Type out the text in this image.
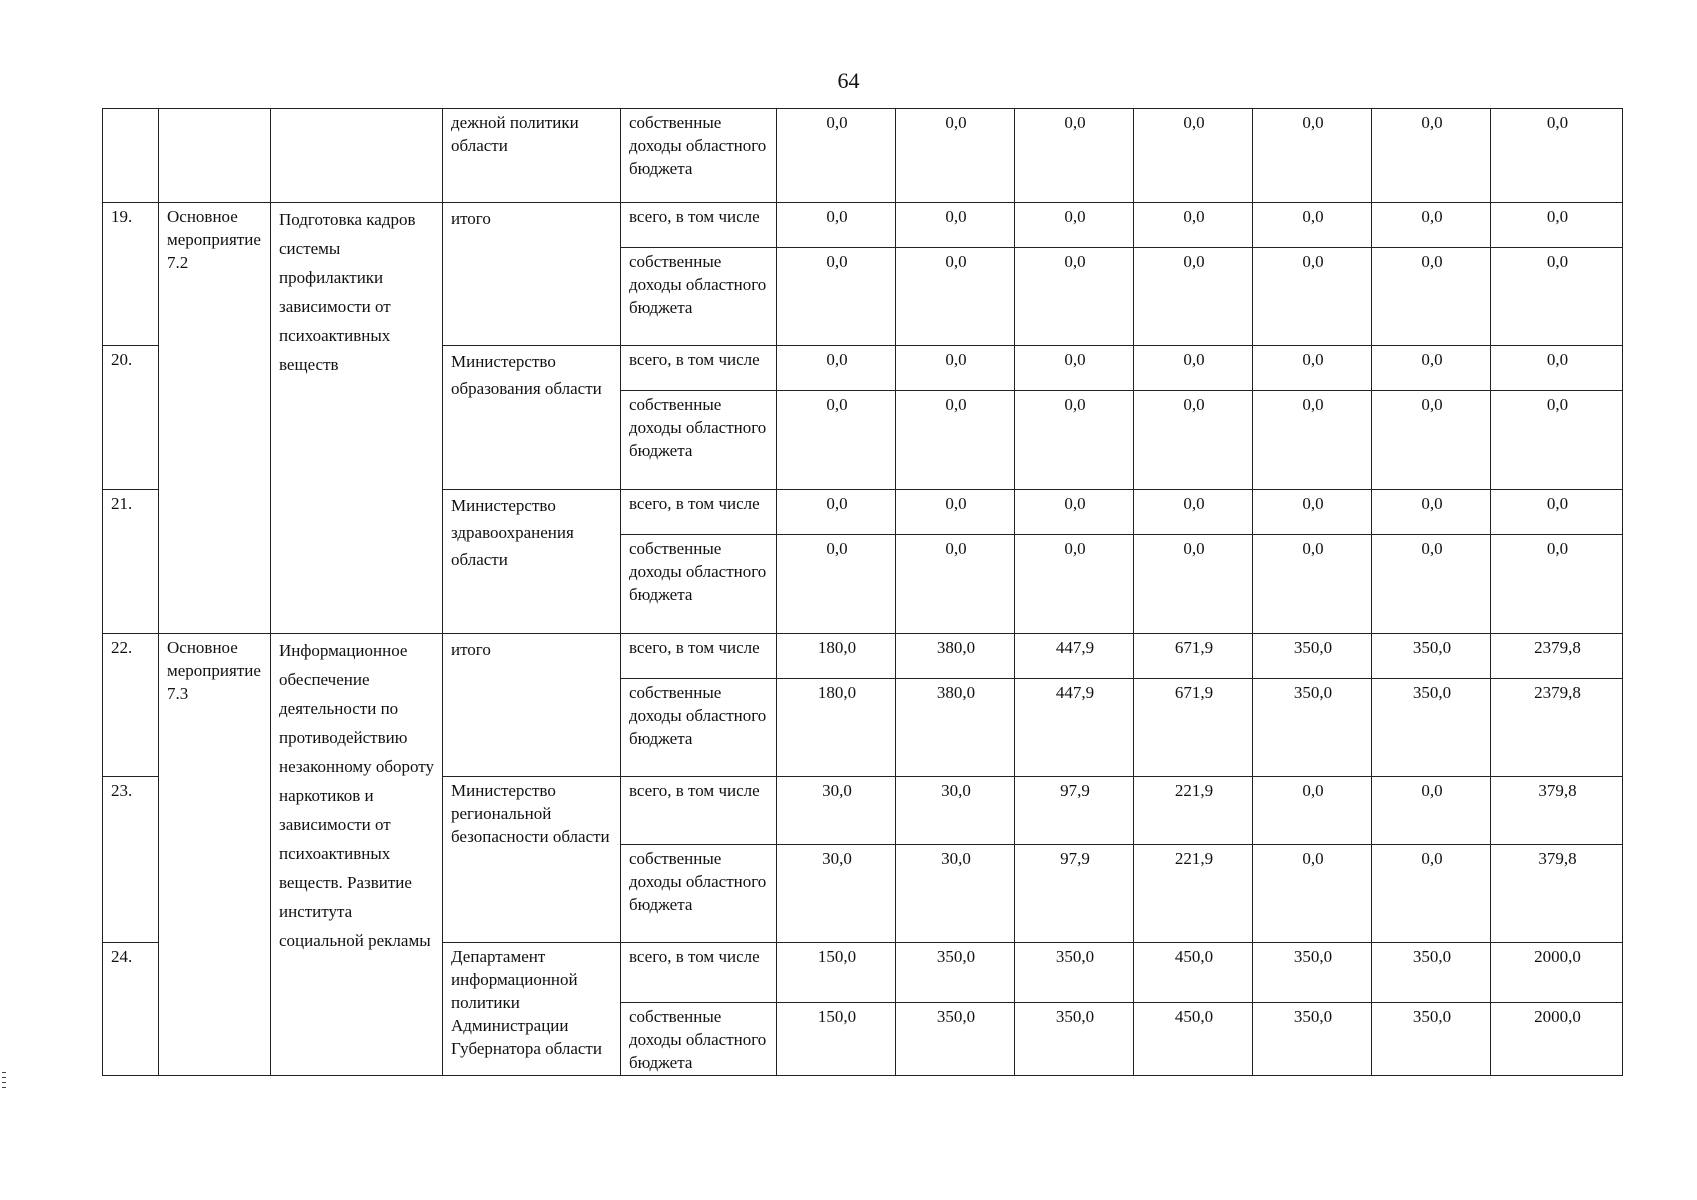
64
			дежной политики области	собственные доходы областного бюджета	0,0	0,0	0,0	0,0	0,0	0,0	0,0
19.	Основное мероприятие 7.2	Подготовка кадров системы профилактики зависимости от психоактивных веществ	итого	всего, в том числе	0,0	0,0	0,0	0,0	0,0	0,0	0,0
				собственные доходы областного бюджета	0,0	0,0	0,0	0,0	0,0	0,0	0,0
20.			Министерство образования области	всего, в том числе	0,0	0,0	0,0	0,0	0,0	0,0	0,0
				собственные доходы областного бюджета	0,0	0,0	0,0	0,0	0,0	0,0	0,0
21.			Министерство здравоохранения области	всего, в том числе	0,0	0,0	0,0	0,0	0,0	0,0	0,0
				собственные доходы областного бюджета	0,0	0,0	0,0	0,0	0,0	0,0	0,0
22.	Основное мероприятие 7.3	Информационное обеспечение деятельности по противодействию незаконному обороту наркотиков и зависимости от психоактивных веществ. Развитие института социальной рекламы	итого	всего, в том числе	180,0	380,0	447,9	671,9	350,0	350,0	2379,8
				собственные доходы областного бюджета	180,0	380,0	447,9	671,9	350,0	350,0	2379,8
23.			Министерство региональной безопасности области	всего, в том числе	30,0	30,0	97,9	221,9	0,0	0,0	379,8
				собственные доходы областного бюджета	30,0	30,0	97,9	221,9	0,0	0,0	379,8
24.			Департамент информационной политики Администрации Губернатора области	всего, в том числе	150,0	350,0	350,0	450,0	350,0	350,0	2000,0
				собственные доходы областного бюджета	150,0	350,0	350,0	450,0	350,0	350,0	2000,0
